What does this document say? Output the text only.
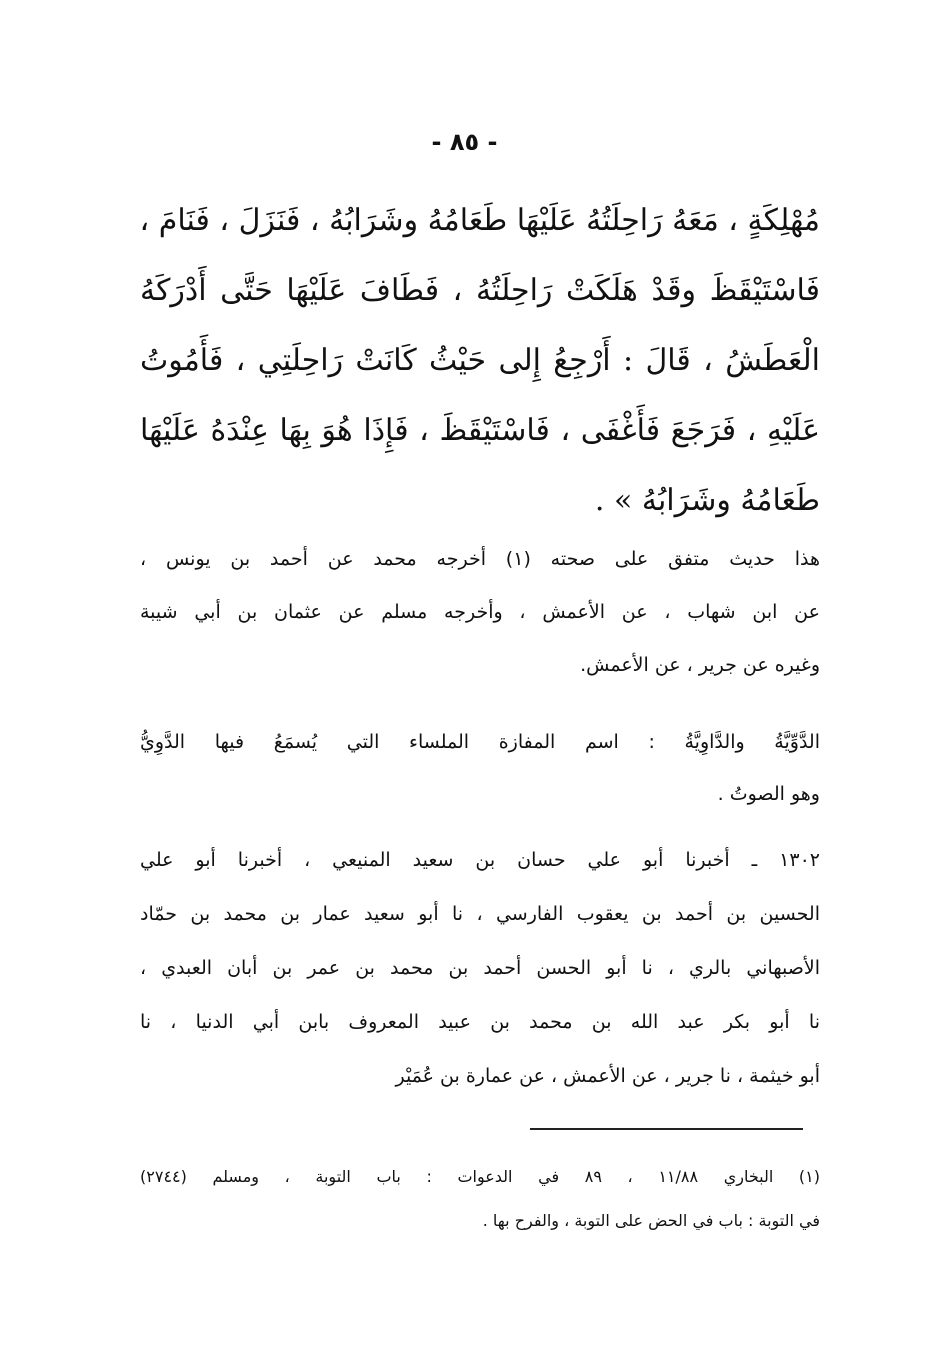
- ٨٥ -
مُهْلِكَةٍ ، مَعَهُ رَاحِلَتُهُ عَلَيْهَا طَعَامُهُ وشَرَابُهُ ، فَنَزَلَ ، فَنَامَ ،
فَاسْتَيْقَظَ وقَدْ هَلَكَتْ رَاحِلَتُهُ ، فَطَافَ عَلَيْهَا حَتَّى أَدْرَكَهُ
الْعَطَشُ ، قَالَ : أَرْجِعُ إِلى حَيْثُ كَانَتْ رَاحِلَتِي ، فَأَمُوتُ
عَلَيْهِ ، فَرَجَعَ فَأَغْفَى ، فَاسْتَيْقَظَ ، فَإِذَا هُوَ بِهَا عِنْدَهُ عَلَيْهَا
طَعَامُهُ وشَرَابُهُ » .
هذا حديث متفق على صحته (١) أخرجه محمد عن أحمد بن يونس ،
عن ابن شهاب ، عن الأعمش ، وأخرجه مسلم عن عثمان بن أبي شيبة
وغيره عن جرير ، عن الأعمش.
الدَّوِّيَّةُ والدَّاوِيَّةُ : اسم المفازة الملساء التي يُسمَعُ فيها الدَّوِيُّ
وهو الصوتُ .
١٣٠٢ ـ أخبرنا أبو علي حسان بن سعيد المنيعي ، أخبرنا أبو علي
الحسين بن أحمد بن يعقوب الفارسي ، نا أبو سعيد عمار بن محمد بن حمّاد
الأصبهاني بالري ، نا أبو الحسن أحمد بن محمد بن عمر بن أبان العبدي ،
نا أبو بكر عبد الله بن محمد بن عبيد المعروف بابن أبي الدنيا ، نا
أبو خيثمة ، نا جرير ، عن الأعمش ، عن عمارة بن عُمَيْر
(١) البخاري ١١/٨٨ ، ٨٩ في الدعوات : باب التوبة ، ومسلم (٢٧٤٤)
في التوبة : باب في الحض على التوبة ، والفرح بها .
